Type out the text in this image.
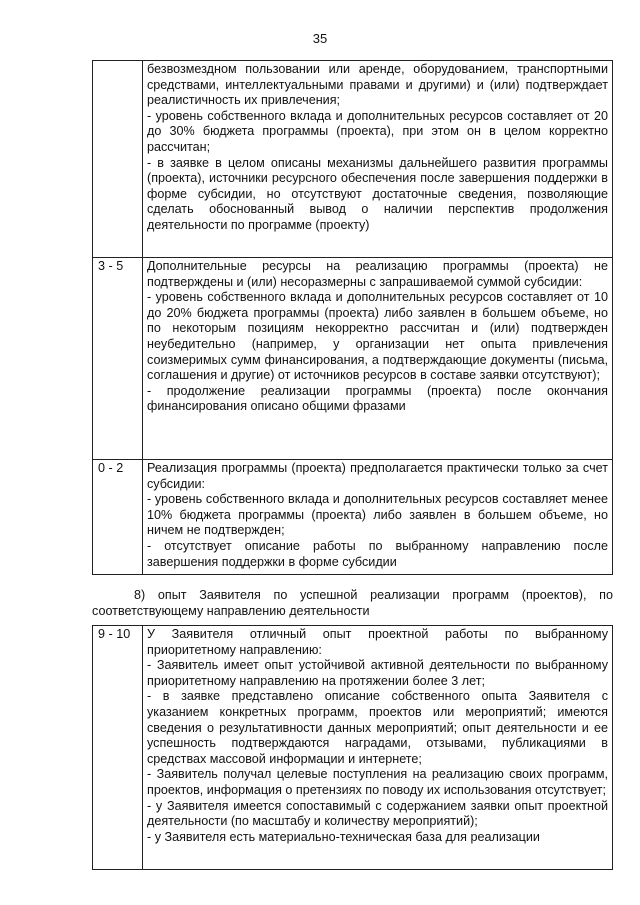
35

	безвозмездном пользовании или аренде, оборудованием, транспортными средствами, интеллектуальными правами и другими) и (или) подтверждает реалистичность их привлечения;
- уровень собственного вклада и дополнительных ресурсов составляет от 20 до 30% бюджета программы (проекта), при этом он в целом корректно рассчитан;
- в заявке в целом описаны механизмы дальнейшего развития программы (проекта), источники ресурсного обеспечения после завершения поддержки в форме субсидии, но отсутствуют достаточные сведения, позволяющие сделать обоснованный вывод о наличии перспектив продолжения деятельности по программе (проекту)

3 - 5	Дополнительные ресурсы на реализацию программы (проекта) не подтверждены и (или) несоразмерны с запрашиваемой суммой субсидии:
- уровень собственного вклада и дополнительных ресурсов составляет от 10 до 20% бюджета программы (проекта) либо заявлен в большем объеме, но по некоторым позициям некорректно рассчитан и (или) подтвержден неубедительно (например, у организации нет опыта привлечения соизмеримых сумм финансирования, а подтверждающие документы (письма, соглашения и другие) от источников ресурсов в составе заявки отсутствуют);
- продолжение реализации программы (проекта) после окончания финансирования описано общими фразами

0 - 2	Реализация программы (проекта) предполагается практически только за счет субсидии:
- уровень собственного вклада и дополнительных ресурсов составляет менее 10% бюджета программы (проекта) либо заявлен в большем объеме, но ничем не подтвержден;
- отсутствует описание работы по выбранному направлению после завершения поддержки в форме субсидии
8) опыт Заявителя по успешной реализации программ (проектов), по соответствующему направлению деятельности
9 - 10	У Заявителя отличный опыт проектной работы по выбранному приоритетному направлению:
- Заявитель имеет опыт устойчивой активной деятельности по выбранному приоритетному направлению на протяжении более 3 лет;
- в заявке представлено описание собственного опыта Заявителя с указанием конкретных программ, проектов или мероприятий; имеются сведения о результативности данных мероприятий; опыт деятельности и ее успешность подтверждаются наградами, отзывами, публикациями в средствах массовой информации и интернете;
- Заявитель получал целевые поступления на реализацию своих программ, проектов, информация о претензиях по поводу их использования отсутствует;
- у Заявителя имеется сопоставимый с содержанием заявки опыт проектной деятельности (по масштабу и количеству мероприятий);
- у Заявителя есть материально-техническая база для реализации
